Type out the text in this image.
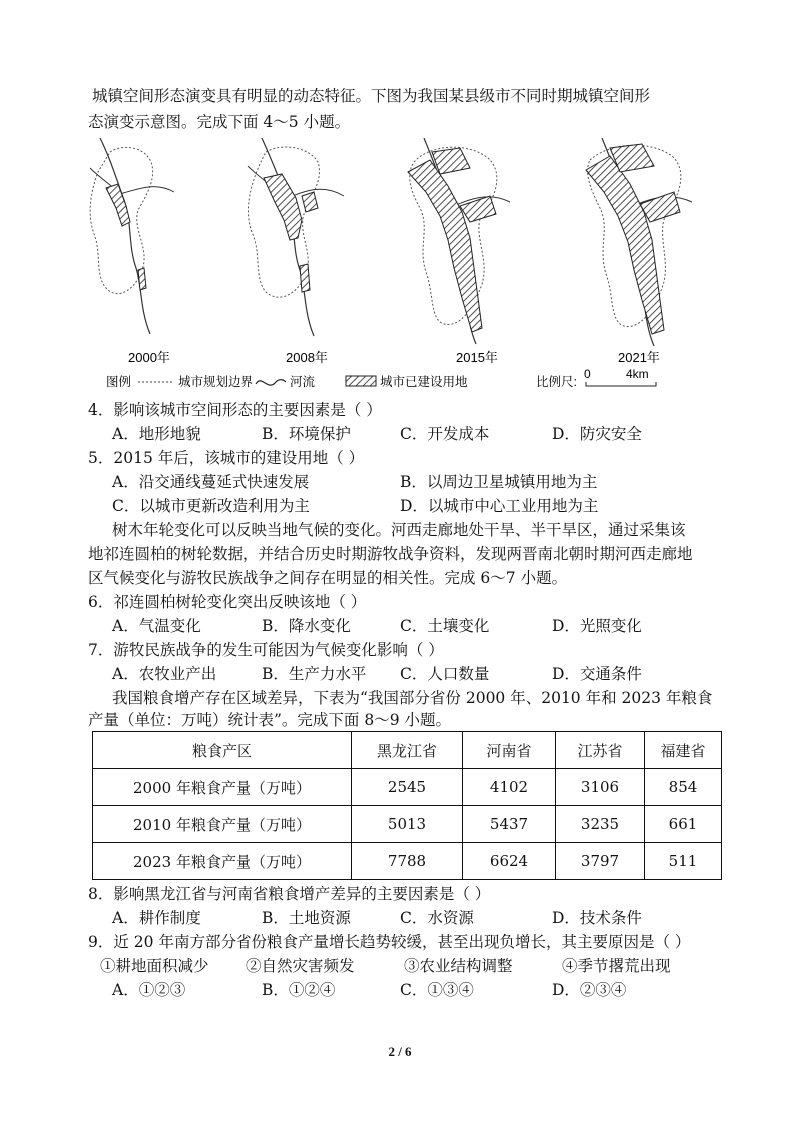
城镇空间形态演变具有明显的动态特征。下图为我国某县级市不同时期城镇空间形
态演变示意图。完成下面 4～5 小题。
2000年	2008年	2015年	2021年
图例	城市规划边界	河流	城市已建设用地	比例尺:
0	4km
4．影响该城市空间形态的主要因素是（ ）
A．地形地貌	B．环境保护	C．开发成本	D．防灾安全
5．2015 年后，该城市的建设用地（ ）
A．沿交通线蔓延式快速发展	B．以周边卫星城镇用地为主
C．以城市更新改造利用为主	D．以城市中心工业用地为主
树木年轮变化可以反映当地气候的变化。河西走廊地处干旱、半干旱区，通过采集该
地祁连圆柏的树轮数据，并结合历史时期游牧战争资料，发现两晋南北朝时期河西走廊地
区气候变化与游牧民族战争之间存在明显的相关性。完成 6～7 小题。
6．祁连圆柏树轮变化突出反映该地（ ）
A．气温变化	B．降水变化	C．土壤变化	D．光照变化
7．游牧民族战争的发生可能因为气候变化影响（ ）
A．农牧业产出	B．生产力水平 C．人口数量	D．交通条件
我国粮食增产存在区域差异，下表为“我国部分省份 2000 年、2010 年和 2023 年粮食
产量（单位：万吨）统计表”。完成下面 8～9 小题。
粮食产区	黑龙江省	河南省	江苏省	福建省
2000 年粮食产量（万吨）	2545	4102	3106	854
2010 年粮食产量（万吨）	5013	5437	3235	661
2023 年粮食产量（万吨）	7788	6624	3797	511
8．影响黑龙江省与河南省粮食增产差异的主要因素是（ ）
A．耕作制度	B．土地资源	C．水资源	D．技术条件
9．近 20 年南方部分省份粮食产量增长趋势较缓，甚至出现负增长，其主要原因是（ ）
①耕地面积减少 ②自然灾害频发	③农业结构调整	④季节撂荒出现
A．①②③	B．①②④	C．①③④	D．②③④
2 / 6
